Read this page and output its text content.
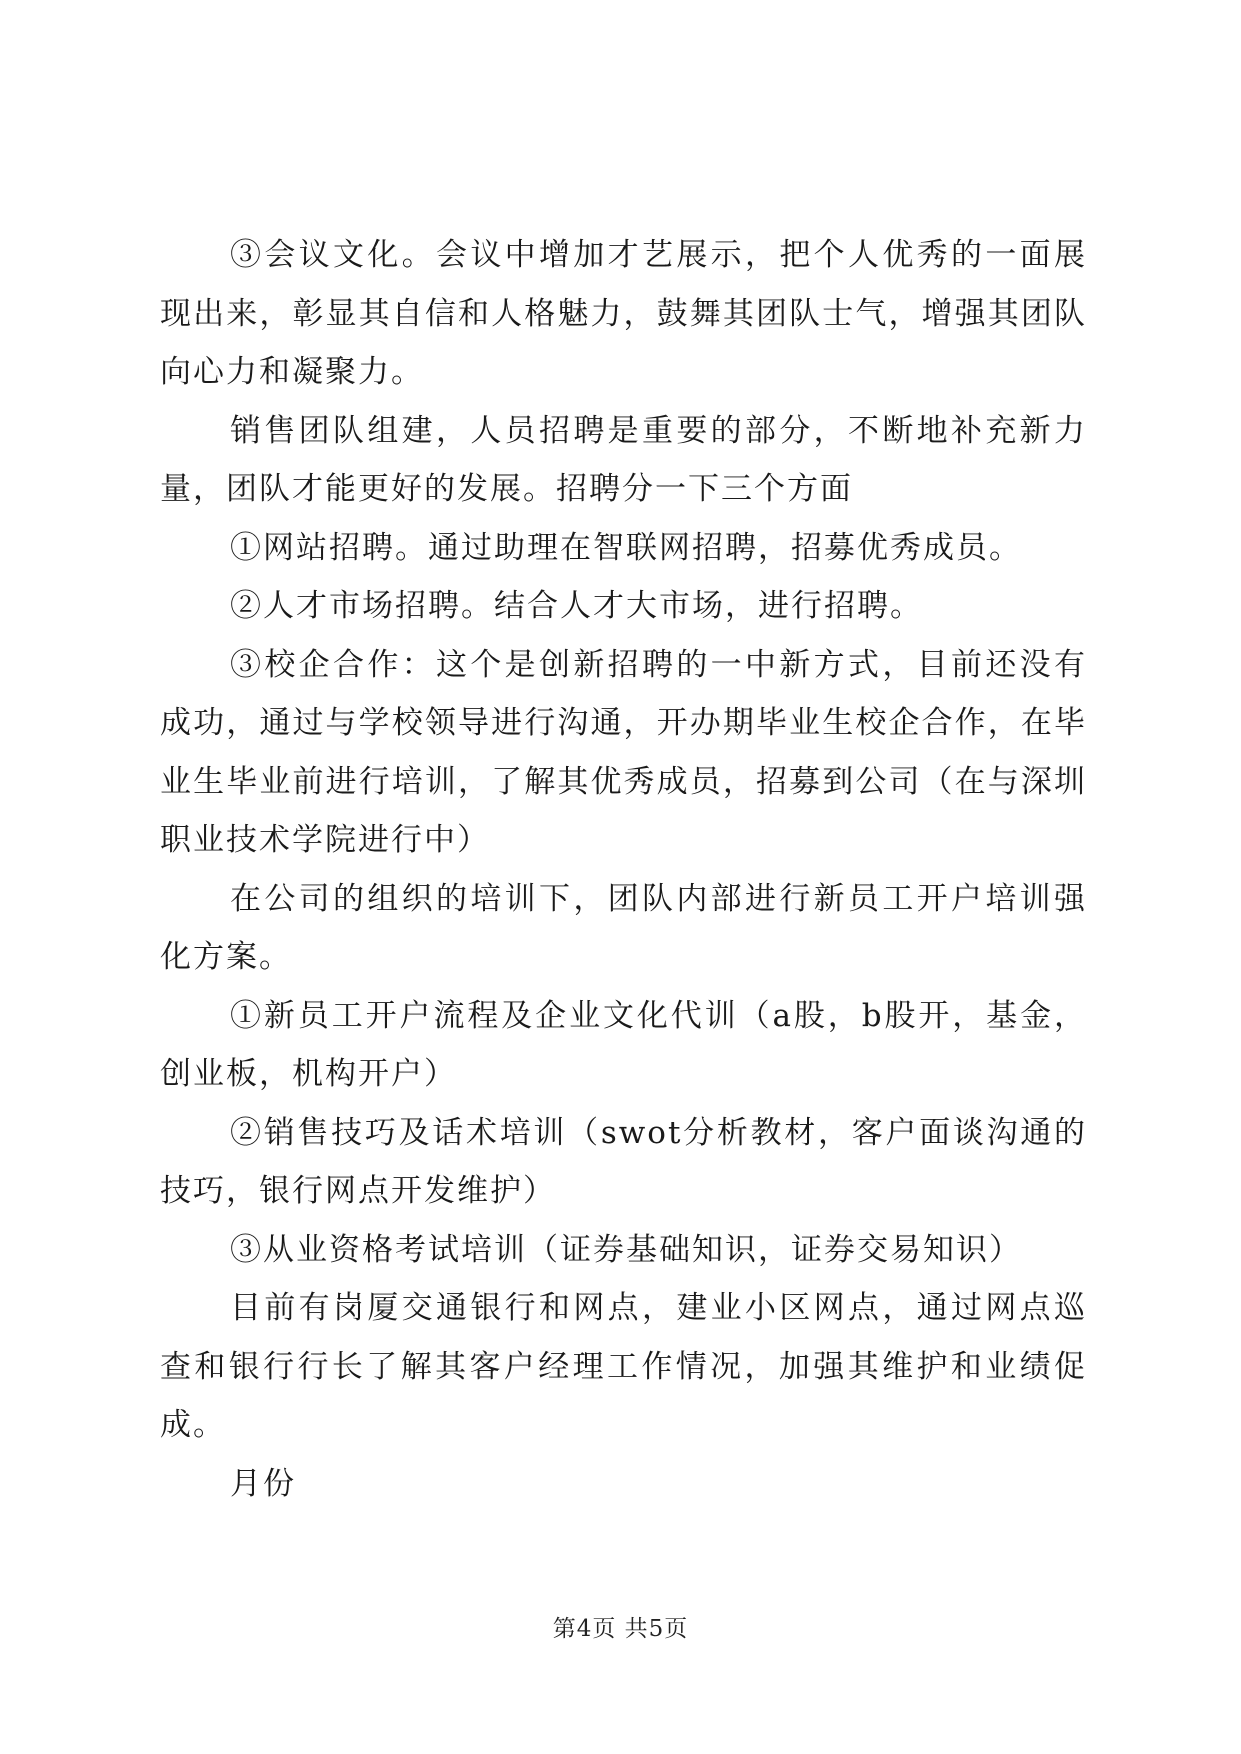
③会议文化。会议中增加才艺展示，把个人优秀的一面展现出来，彰显其自信和人格魅力，鼓舞其团队士气，增强其团队向心力和凝聚力。

销售团队组建，人员招聘是重要的部分，不断地补充新力量，团队才能更好的发展。招聘分一下三个方面

①网站招聘。通过助理在智联网招聘，招募优秀成员。

②人才市场招聘。结合人才大市场，进行招聘。

③校企合作：这个是创新招聘的一中新方式，目前还没有成功，通过与学校领导进行沟通，开办期毕业生校企合作，在毕业生毕业前进行培训，了解其优秀成员，招募到公司（在与深圳职业技术学院进行中）

在公司的组织的培训下，团队内部进行新员工开户培训强化方案。

①新员工开户流程及企业文化代训（a股，b股开，基金，创业板，机构开户）

②销售技巧及话术培训（swot分析教材，客户面谈沟通的技巧，银行网点开发维护）

③从业资格考试培训（证券基础知识，证券交易知识）

目前有岗厦交通银行和网点，建业小区网点，通过网点巡查和银行行长了解其客户经理工作情况，加强其维护和业绩促成。

月份

第4页 共5页
